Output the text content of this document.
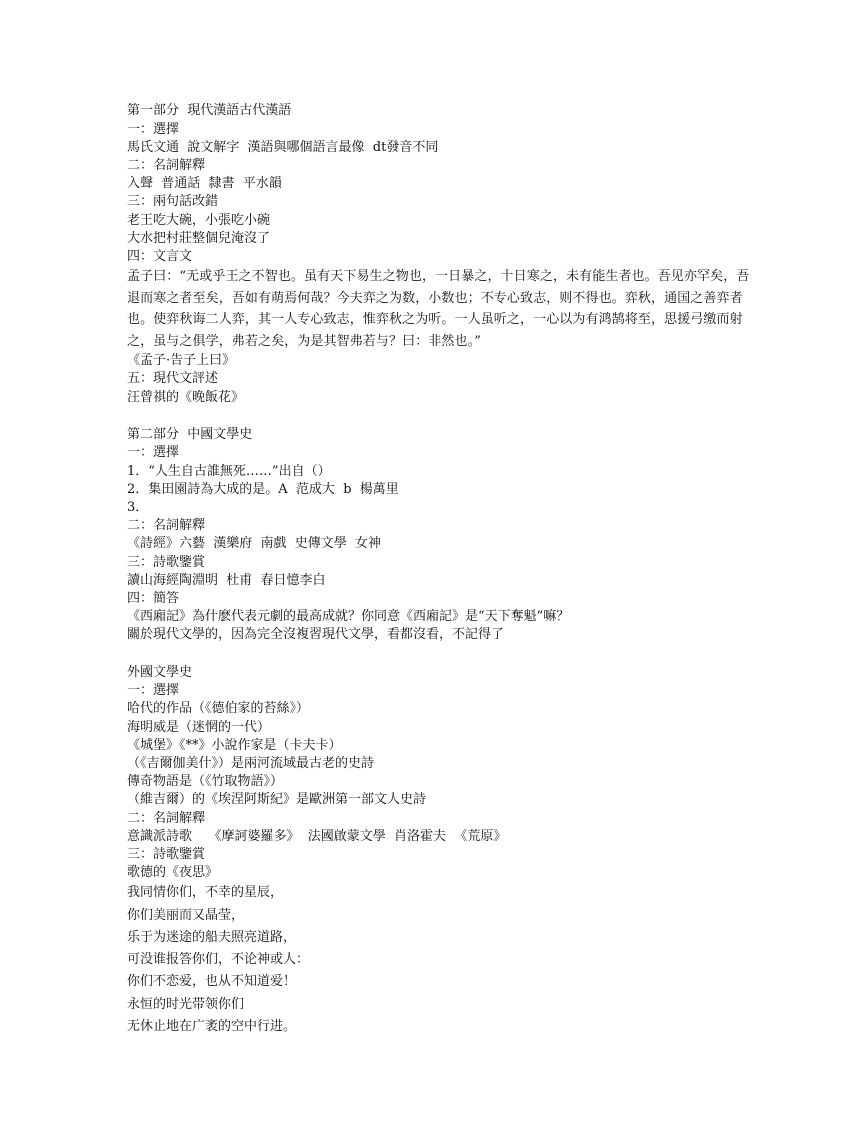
第一部分  現代漢語古代漢語
一：選擇
馬氏文通  說文解字  漢語與哪個語言最像  dt發音不同
二：名詞解釋
入聲  普通話  隸書  平水韻
三：兩句話改錯
老王吃大碗，小張吃小碗
大水把村莊整個兒淹沒了
四：文言文
孟子曰：“无或乎王之不智也。虽有天下易生之物也，一日暴之，十日寒之，未有能生者也。吾见亦罕矣，吾退而寒之者至矣，吾如有萌焉何哉？今夫弈之为数，小数也；不专心致志，则不得也。弈秋，通国之善弈者也。使弈秋诲二人弈，其一人专心致志，惟弈秋之为听。一人虽听之，一心以为有鸿鹄将至，思援弓缴而射之，虽与之俱学，弗若之矣，为是其智弗若与？曰：非然也。”
《孟子·告子上曰》
五：現代文評述
汪曾祺的《晚飯花》
第二部分  中國文學史
一：選擇
1．“人生自古誰無死……”出自（）
2．集田園詩為大成的是。A  范成大  b  楊萬里
3．
二：名詞解釋
《詩經》六藝  漢樂府  南戲  史傳文學  女神
三：詩歌鑒賞
讀山海經陶淵明  杜甫  春日憶李白
四：簡答
《西廂記》為什麽代表元劇的最高成就？你同意《西廂記》是“天下奪魁”嘛？
關於現代文學的，因為完全沒複習現代文學，看都沒看，不記得了
外國文學史
一：選擇
哈代的作品（《德伯家的苔絲》）
海明威是（迷惘的一代）
《城堡》《**》小說作家是（卡夫卡）
（《吉爾伽美什》）是兩河流域最古老的史詩
傳奇物語是（《竹取物語》）
（維吉爾）的《埃涅阿斯紀》是歐洲第一部文人史詩
二：名詞解釋
意識派詩歌    《摩訶婆羅多》  法國啟蒙文學  肖洛霍夫  《荒原》
三：詩歌鑒賞
歌德的《夜思》
我同情你们，不幸的星辰，
你们美丽而又晶莹，
乐于为迷途的船夫照亮道路，
可没谁报答你们，不论神或人：
你们不恋爱，也从不知道爱！
永恒的时光带领你们
无休止地在广袤的空中行进。
